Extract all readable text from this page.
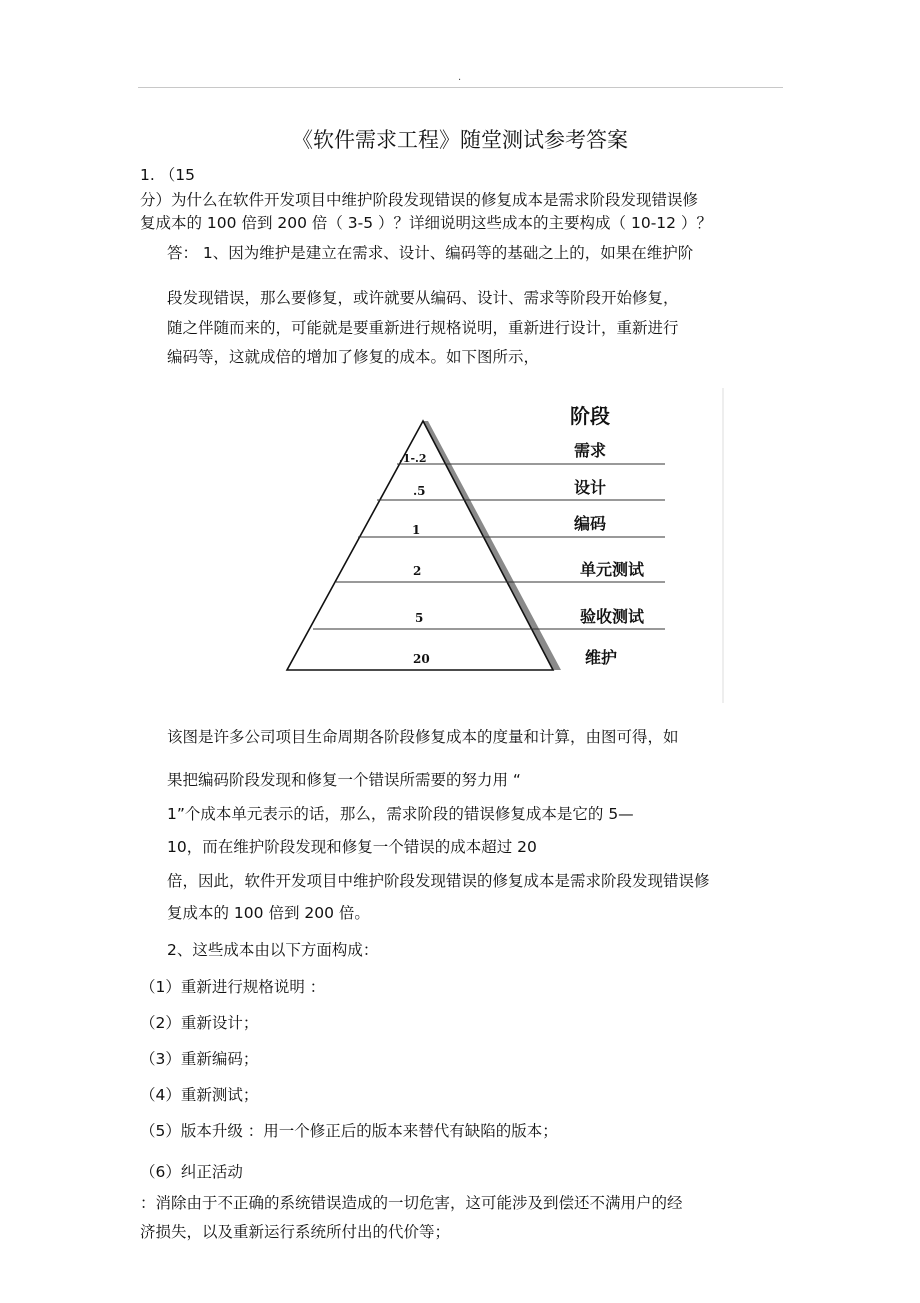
.
《软件需求工程》随堂测试参考答案
1. （15
分）为什么在软件开发项目中维护阶段发现错误的修复成本是需求阶段发现错误修
复成本的 100 倍到 200 倍（ 3-5 ）？详细说明这些成本的主要构成（ 10-12 ）？
答： 1、因为维护是建立在需求、设计、编码等的基础之上的，如果在维护阶
段发现错误，那么要修复，或许就要从编码、设计、需求等阶段开始修复，
随之伴随而来的，可能就是要重新进行规格说明，重新进行设计，重新进行
编码等，这就成倍的增加了修复的成本。如下图所示，
阶段
需求
设计
编码
单元测试
验收测试
维护
.1-.2
.5
1
2
5
20
该图是许多公司项目生命周期各阶段修复成本的度量和计算，由图可得，如
果把编码阶段发现和修复一个错误所需要的努力用 “
1”个成本单元表示的话，那么，需求阶段的错误修复成本是它的 5—
10，而在维护阶段发现和修复一个错误的成本超过 20
倍，因此，软件开发项目中维护阶段发现错误的修复成本是需求阶段发现错误修
复成本的 100 倍到 200 倍。
2、这些成本由以下方面构成：
（1）重新进行规格说明 ：
（2）重新设计；
（3）重新编码；
（4）重新测试；
（5）版本升级 ：用一个修正后的版本来替代有缺陷的版本；
（6）纠正活动
：消除由于不正确的系统错误造成的一切危害，这可能涉及到偿还不满用户的经
济损失，以及重新运行系统所付出的代价等；
